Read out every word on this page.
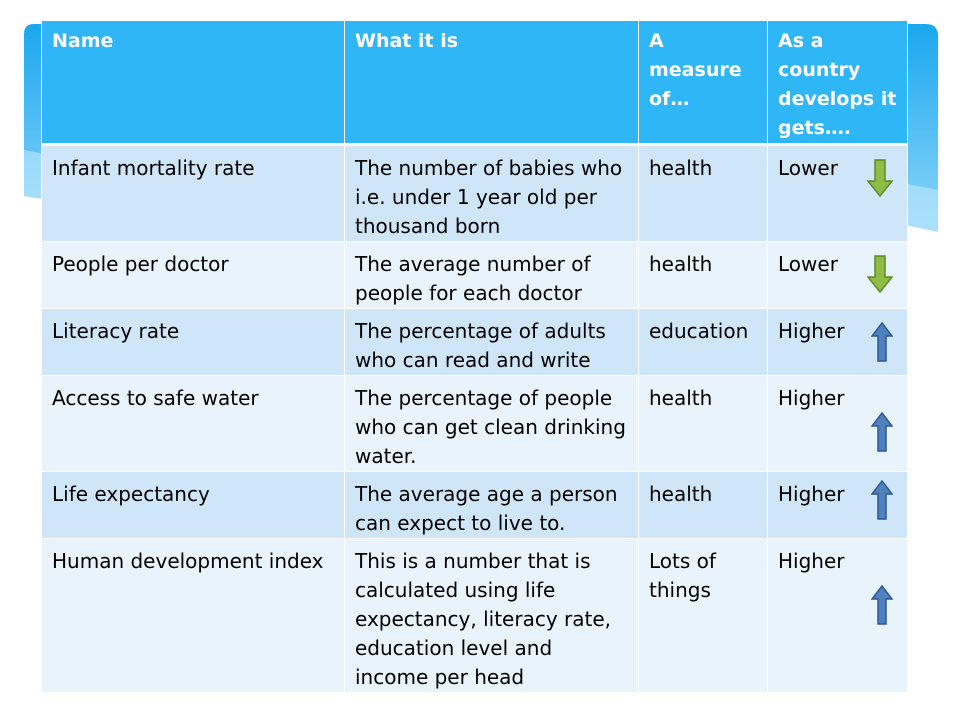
Name	What it is	A measure of…	As a country develops it gets….
Infant mortality rate	The number of babies who i.e. under 1 year old per thousand born	health	Lower

People per doctor	The average number of people for each doctor	health	Lower

Literacy rate	The percentage of adults who can read and write	education	Higher

Access to safe water	The percentage of people who can get clean drinking water.	health	Higher

Life expectancy	The average age a person can expect to live to.	health	Higher

Human development index	This is a number that is calculated using life expectancy, literacy rate, education level and income per head	Lots of things	Higher
